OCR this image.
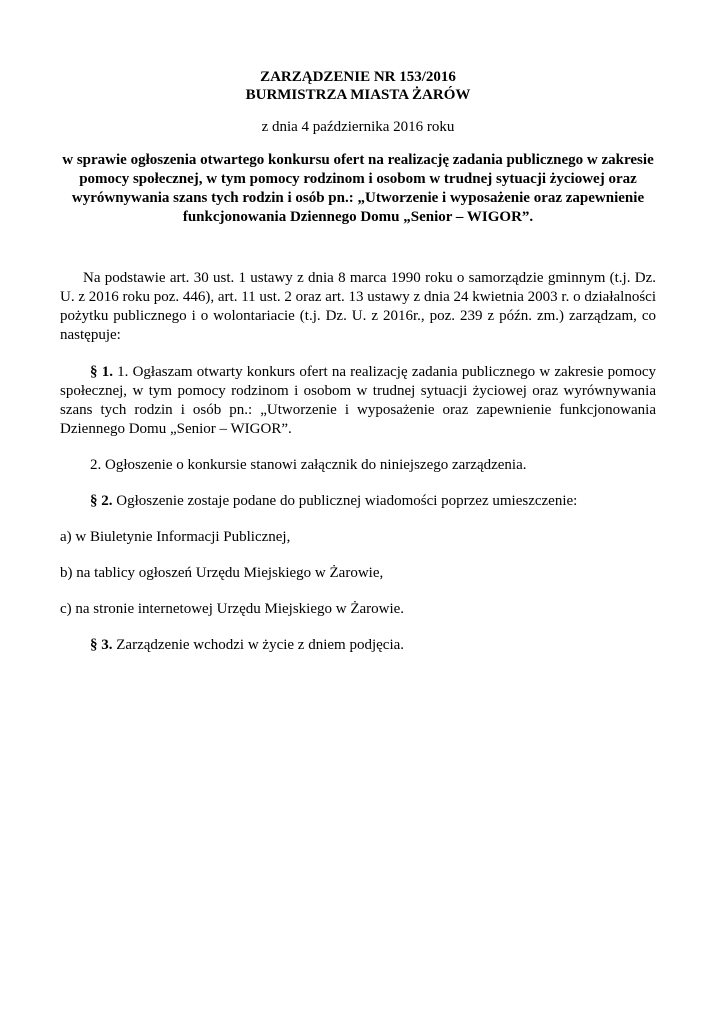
ZARZĄDZENIE NR 153/2016
BURMISTRZA MIASTA ŻARÓW
z dnia 4 października 2016 roku
w sprawie ogłoszenia otwartego konkursu ofert na realizację zadania publicznego w zakresie
pomocy społecznej, w tym pomocy rodzinom i osobom w trudnej sytuacji życiowej oraz
wyrównywania szans tych rodzin i osób pn.: „Utworzenie i wyposażenie oraz zapewnienie
funkcjonowania Dziennego Domu „Senior – WIGOR”.

Na podstawie art. 30 ust. 1 ustawy z dnia 8 marca 1990 roku o samorządzie gminnym (t.j. Dz. U. z 2016 roku poz. 446), art. 11 ust. 2 oraz art. 13 ustawy z dnia 24 kwietnia 2003 r. o działalności pożytku publicznego i o wolontariacie (t.j. Dz. U. z 2016r., poz. 239 z późn. zm.) zarządzam, co następuje:

§ 1. 1. Ogłaszam otwarty konkurs ofert na realizację zadania publicznego w zakresie pomocy społecznej, w tym pomocy rodzinom i osobom w trudnej sytuacji życiowej oraz wyrównywania szans tych rodzin i osób pn.: „Utworzenie i wyposażenie oraz zapewnienie funkcjonowania Dziennego Domu „Senior – WIGOR”.

2. Ogłoszenie o konkursie stanowi załącznik do niniejszego zarządzenia.

§ 2. Ogłoszenie zostaje podane do publicznej wiadomości poprzez umieszczenie:

a) w Biuletynie Informacji Publicznej,

b) na tablicy ogłoszeń Urzędu Miejskiego w Żarowie,

c) na stronie internetowej Urzędu Miejskiego w Żarowie.

§ 3. Zarządzenie wchodzi w życie z dniem podjęcia.
